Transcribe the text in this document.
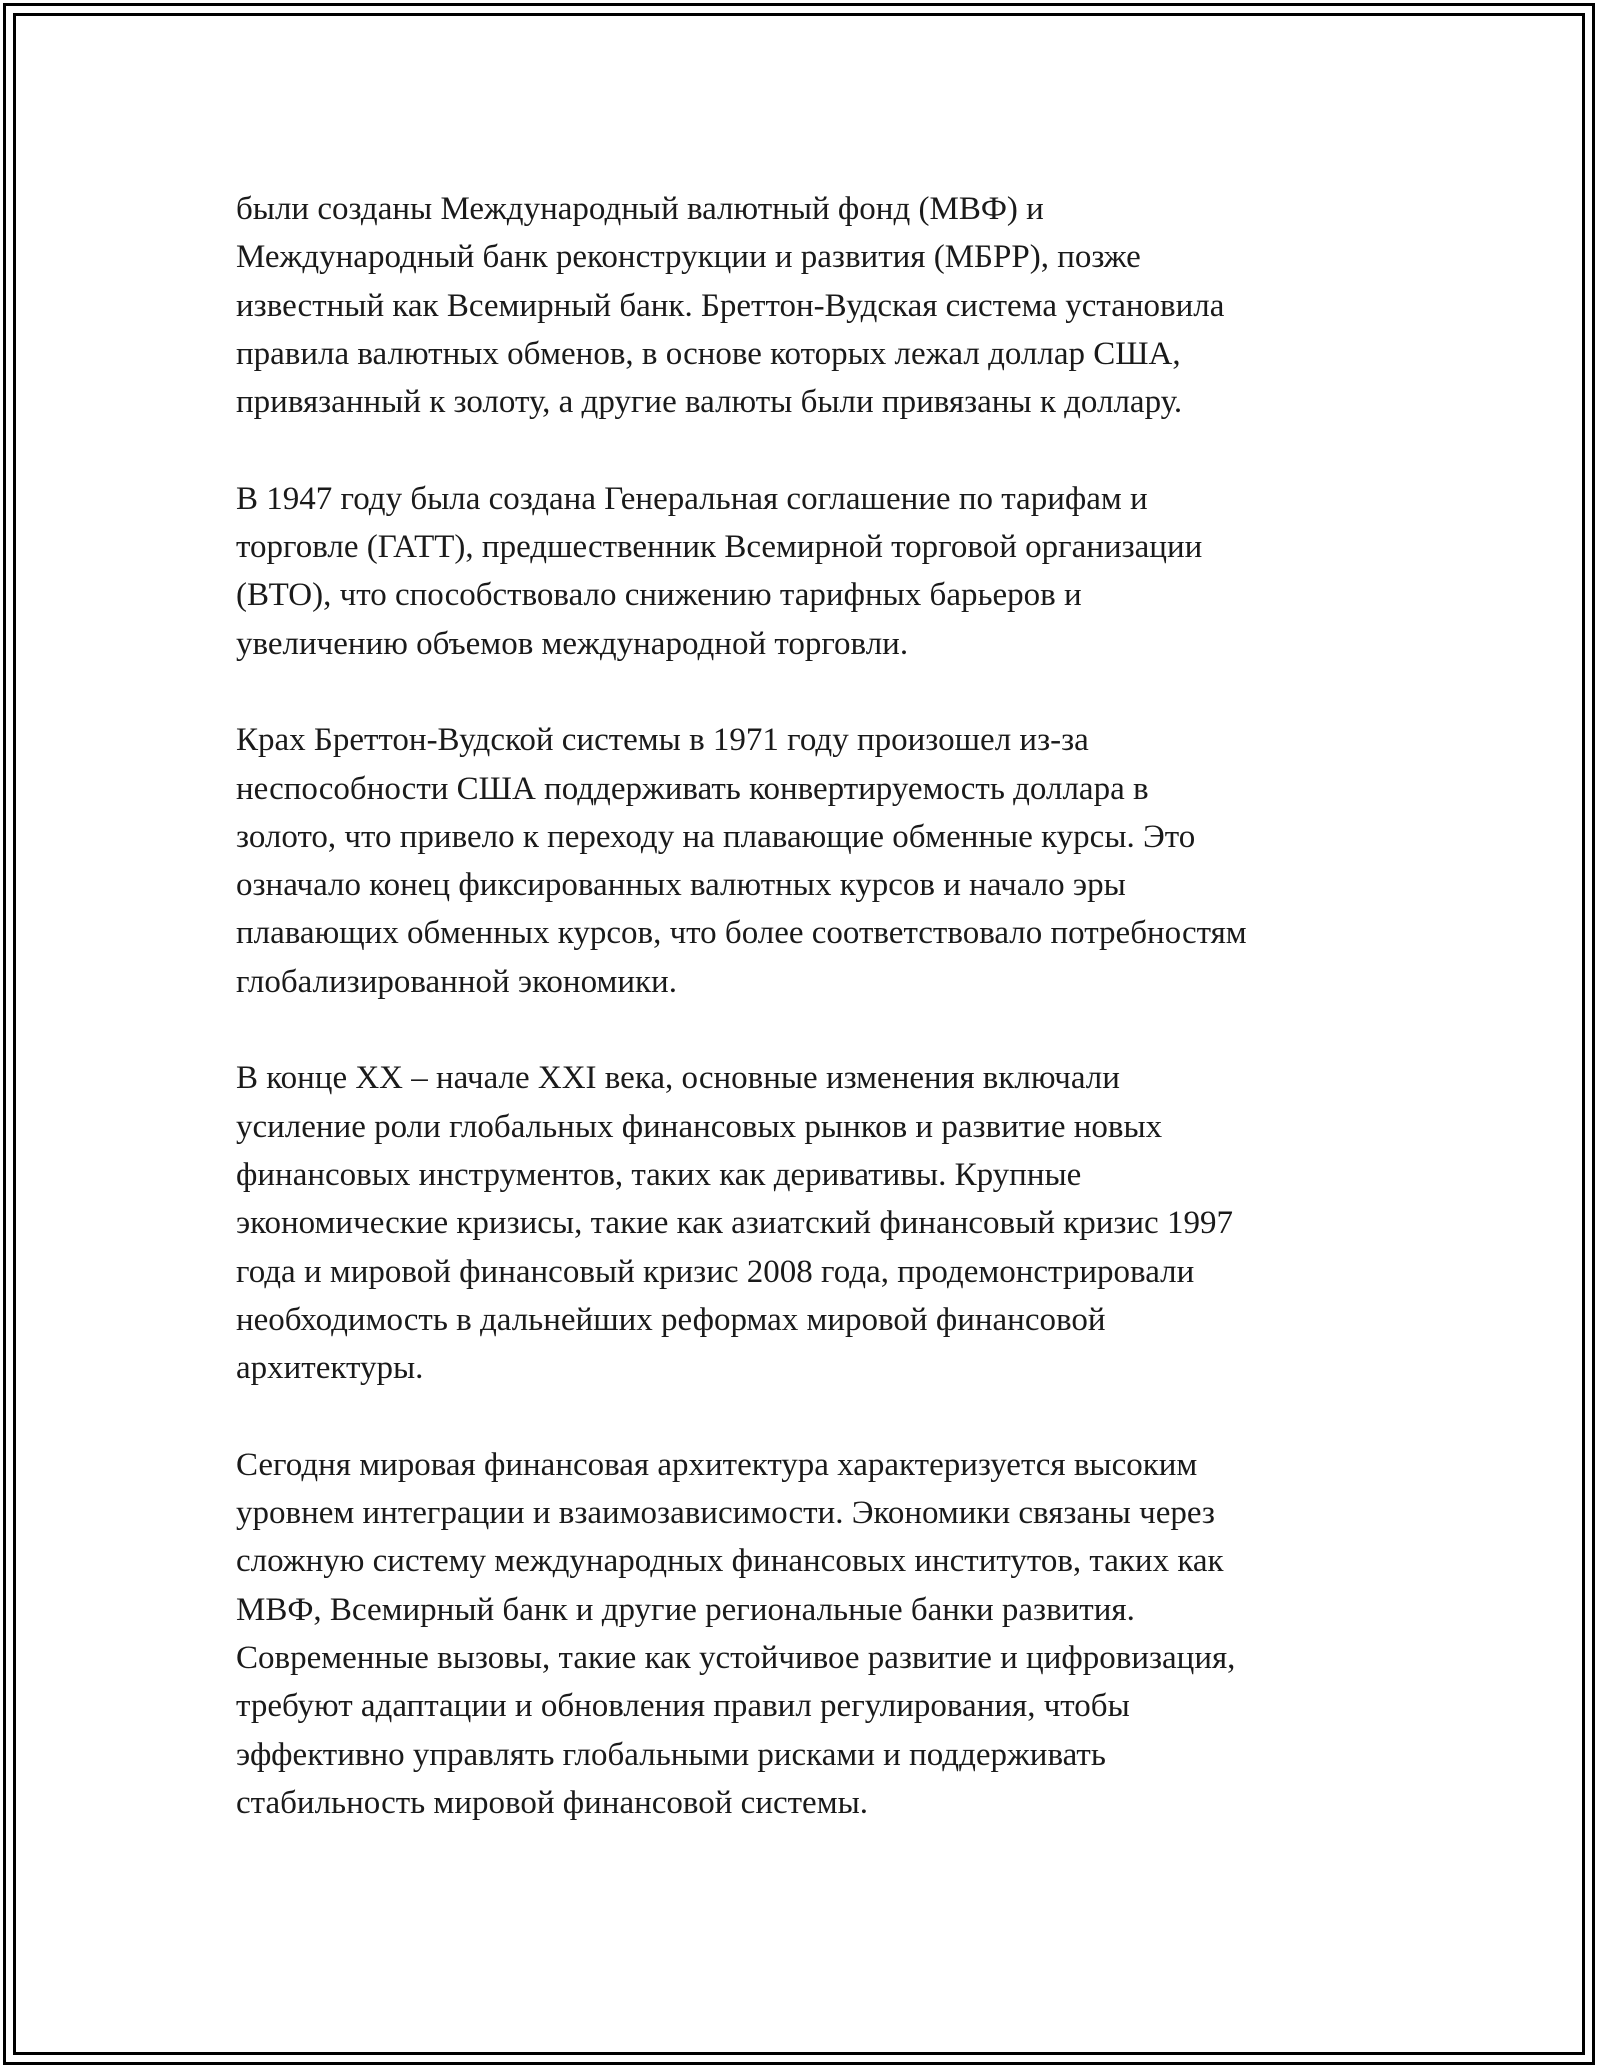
были созданы Международный валютный фонд (МВФ) и
Международный банк реконструкции и развития (МБРР), позже
известный как Всемирный банк. Бреттон-Вудская система установила
правила валютных обменов, в основе которых лежал доллар США,
привязанный к золоту, а другие валюты были привязаны к доллару.

В 1947 году была создана Генеральная соглашение по тарифам и
торговле (ГАТТ), предшественник Всемирной торговой организации
(ВТО), что способствовало снижению тарифных барьеров и
увеличению объемов международной торговли.

Крах Бреттон-Вудской системы в 1971 году произошел из-за
неспособности США поддерживать конвертируемость доллара в
золото, что привело к переходу на плавающие обменные курсы. Это
означало конец фиксированных валютных курсов и начало эры
плавающих обменных курсов, что более соответствовало потребностям
глобализированной экономики.

В конце XX – начале XXI века, основные изменения включали
усиление роли глобальных финансовых рынков и развитие новых
финансовых инструментов, таких как деривативы. Крупные
экономические кризисы, такие как азиатский финансовый кризис 1997
года и мировой финансовый кризис 2008 года, продемонстрировали
необходимость в дальнейших реформах мировой финансовой
архитектуры.

Сегодня мировая финансовая архитектура характеризуется высоким
уровнем интеграции и взаимозависимости. Экономики связаны через
сложную систему международных финансовых институтов, таких как
МВФ, Всемирный банк и другие региональные банки развития.
Современные вызовы, такие как устойчивое развитие и цифровизация,
требуют адаптации и обновления правил регулирования, чтобы
эффективно управлять глобальными рисками и поддерживать
стабильность мировой финансовой системы.
